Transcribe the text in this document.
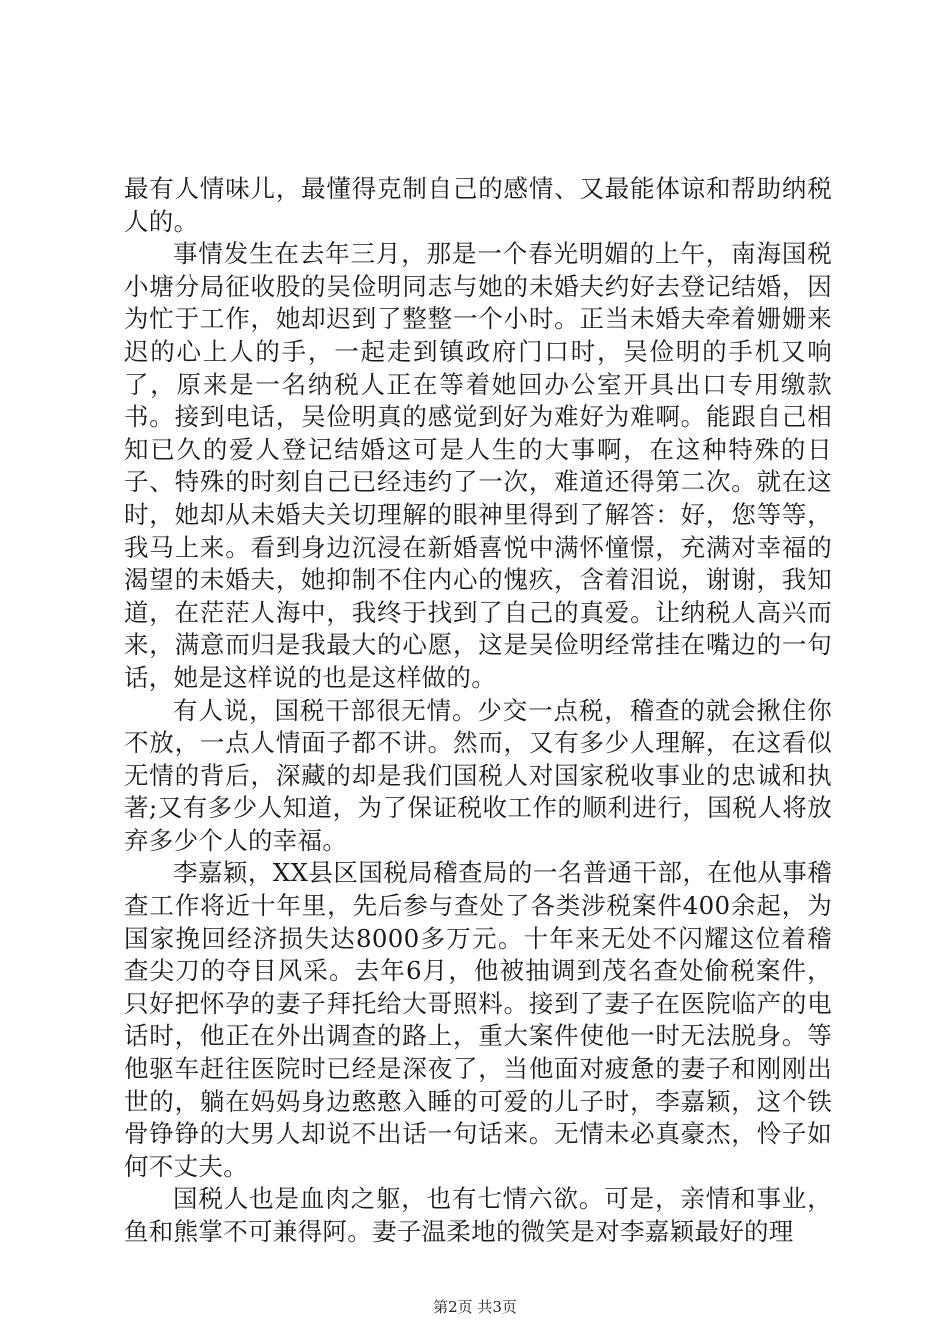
最有人情味儿，最懂得克制自己的感情、又最能体谅和帮助纳税人的。

事情发生在去年三月，那是一个春光明媚的上午，南海国税小塘分局征收股的吴俭明同志与她的未婚夫约好去登记结婚，因为忙于工作，她却迟到了整整一个小时。正当未婚夫牵着姗姗来迟的心上人的手，一起走到镇政府门口时，吴俭明的手机又响了，原来是一名纳税人正在等着她回办公室开具出口专用缴款书。接到电话，吴俭明真的感觉到好为难好为难啊。能跟自己相知已久的爱人登记结婚这可是人生的大事啊，在这种特殊的日子、特殊的时刻自己已经违约了一次，难道还得第二次。就在这时，她却从未婚夫关切理解的眼神里得到了解答：好，您等等，我马上来。看到身边沉浸在新婚喜悦中满怀憧憬，充满对幸福的渴望的未婚夫，她抑制不住内心的愧疚，含着泪说，谢谢，我知道，在茫茫人海中，我终于找到了自己的真爱。让纳税人高兴而来，满意而归是我最大的心愿，这是吴俭明经常挂在嘴边的一句话，她是这样说的也是这样做的。

有人说，国税干部很无情。少交一点税，稽查的就会揪住你不放，一点人情面子都不讲。然而，又有多少人理解，在这看似无情的背后，深藏的却是我们国税人对国家税收事业的忠诚和执著;又有多少人知道，为了保证税收工作的顺利进行，国税人将放弃多少个人的幸福。

李嘉颖，XX县区国税局稽查局的一名普通干部，在他从事稽查工作将近十年里，先后参与查处了各类涉税案件400余起，为国家挽回经济损失达8000多万元。十年来无处不闪耀这位着稽查尖刀的夺目风采。去年6月，他被抽调到茂名查处偷税案件，只好把怀孕的妻子拜托给大哥照料。接到了妻子在医院临产的电话时，他正在外出调查的路上，重大案件使他一时无法脱身。等他驱车赶往医院时已经是深夜了，当他面对疲惫的妻子和刚刚出世的，躺在妈妈身边憨憨入睡的可爱的儿子时，李嘉颖，这个铁骨铮铮的大男人却说不出话一句话来。无情未必真豪杰，怜子如何不丈夫。

国税人也是血肉之躯，也有七情六欲。可是，亲情和事业，鱼和熊掌不可兼得阿。妻子温柔地的微笑是对李嘉颖最好的理

第2页 共3页
